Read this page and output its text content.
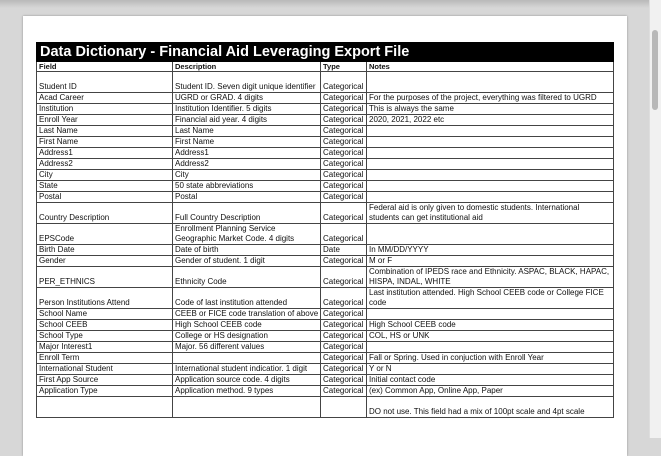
Data Dictionary - Financial Aid Leveraging Export File			
Field	Description	Type	Notes
Student ID	Student ID. Seven digit unique identifier	Categorical	
Acad Career	UGRD or GRAD. 4 digits	Categorical	For the purposes of the project, everything was filtered to UGRD
Institution	Institution Identifier. 5 digits	Categorical	This is always the same
Enroll Year	Financial aid year. 4 digits	Categorical	2020, 2021, 2022 etc
Last Name	Last Name	Categorical	
First Name	First Name	Categorical	
Address1	Address1	Categorical	
Address2	Address2	Categorical	
City	City	Categorical	
State	50 state abbreviations	Categorical	
Postal	Postal	Categorical	
Country Description	Full Country Description	Categorical	Federal aid is only given to domestic students. International students can get institutional aid
EPSCode	Enrollment Planning Service Geographic Market Code. 4 digits	Categorical	
Birth Date	Date of birth	Date	In MM/DD/YYYY
Gender	Gender of student. 1 digit	Categorical	M or F
PER_ETHNICS	Ethnicity Code	Categorical	Combination of IPEDS race and Ethnicity. ASPAC, BLACK, HAPAC, HISPA, INDAL, WHITE
Person Institutions Attend	Code of last institution attended	Categorical	Last institution attended. High School CEEB code or College FICE code
School Name	CEEB or FICE code translation of above	Categorical	
School CEEB	High School CEEB code	Categorical	High School CEEB code
School Type	College or HS designation	Categorical	COL, HS or UNK
Major Interest1	Major. 56 different values	Categorical	
Enroll Term		Categorical	Fall or Spring. Used in conjuction with Enroll Year
International Student	International student indicatior. 1 digit	Categorical	Y or N
First App Source	Application source code. 4 digits	Categorical	Initial contact code
Application Type	Application method. 9 types	Categorical	(ex) Common App, Online App, Paper
			DO not use. This field had a mix of 100pt scale and 4pt scale
